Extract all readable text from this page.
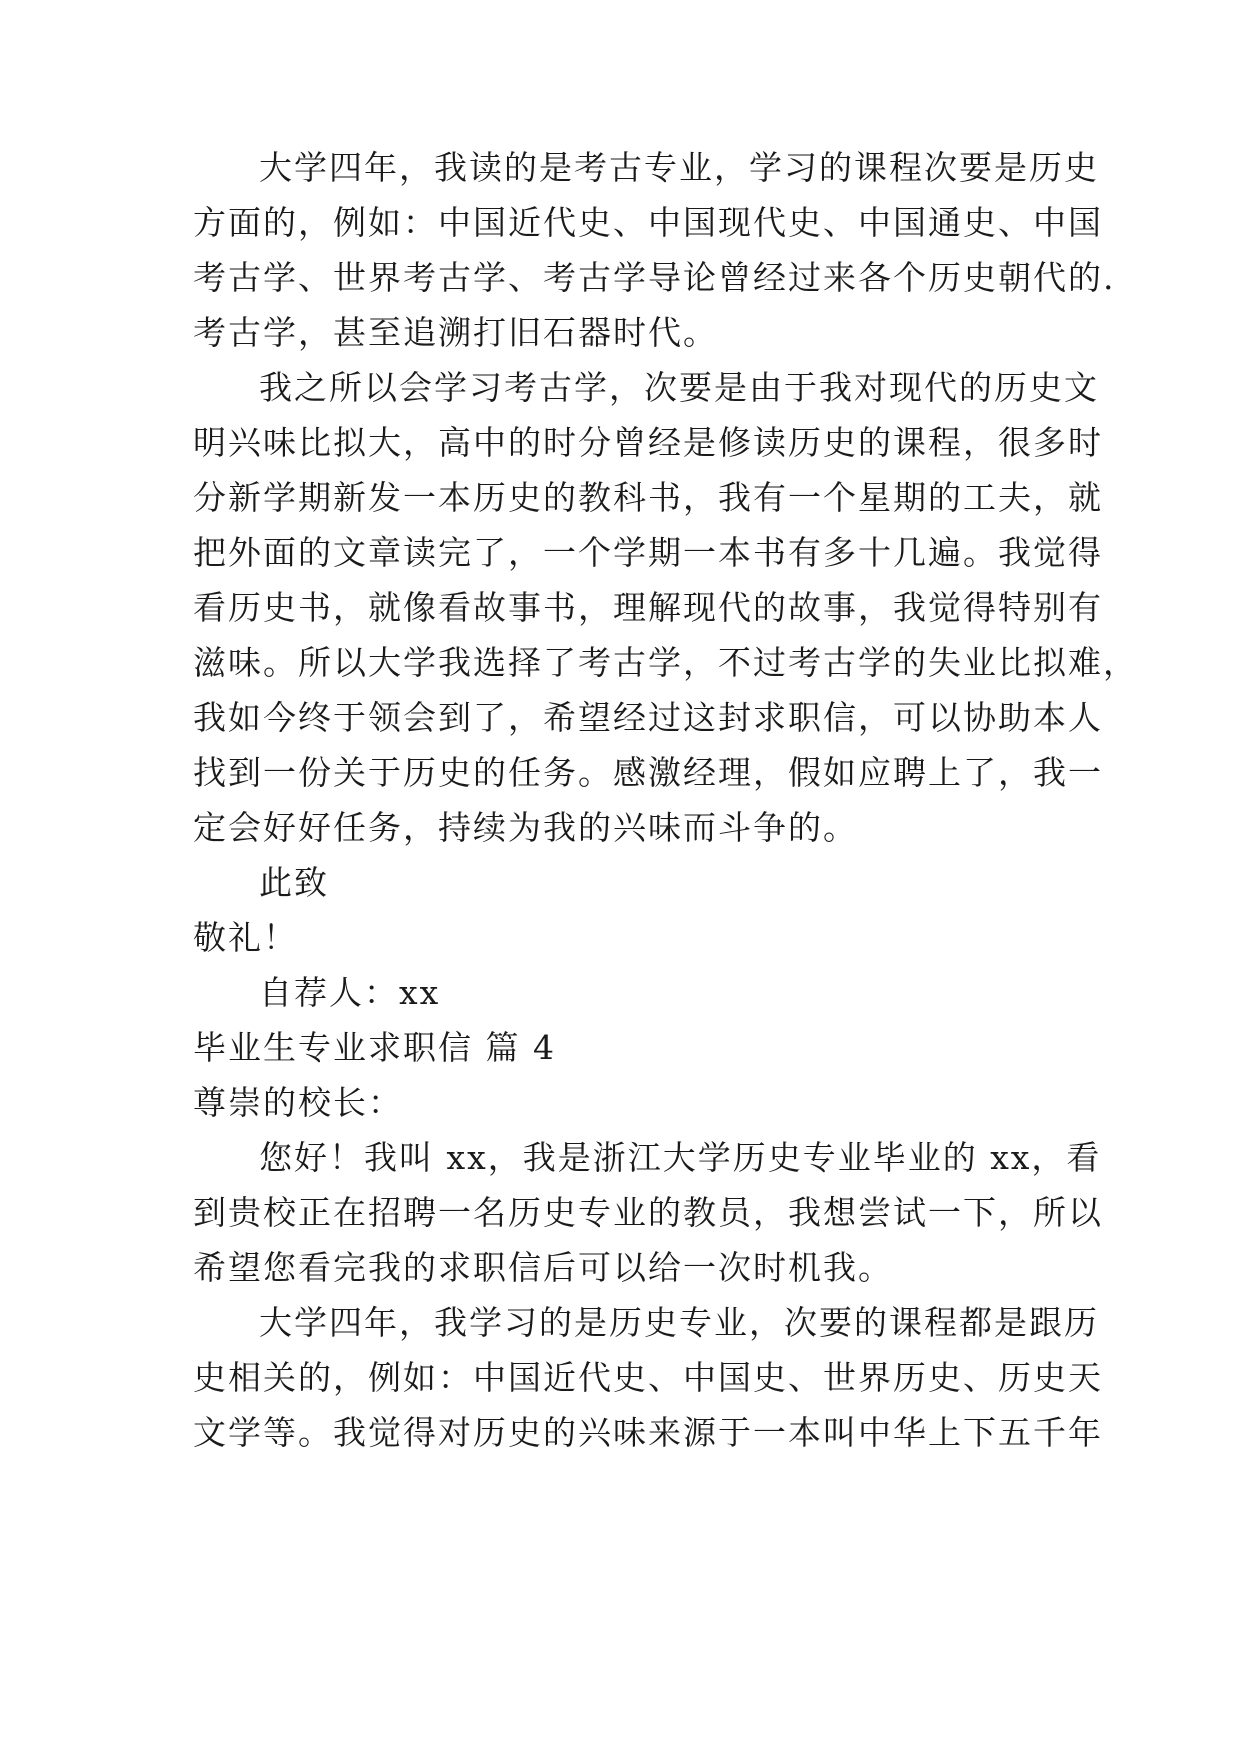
大学四年，我读的是考古专业，学习的课程次要是历史
方面的，例如：中国近代史、中国现代史、中国通史、中国
考古学、世界考古学、考古学导论曾经过来各个历史朝代的.
考古学，甚至追溯打旧石器时代。
我之所以会学习考古学，次要是由于我对现代的历史文
明兴味比拟大，高中的时分曾经是修读历史的课程，很多时
分新学期新发一本历史的教科书，我有一个星期的工夫，就
把外面的文章读完了，一个学期一本书有多十几遍。我觉得
看历史书，就像看故事书，理解现代的故事，我觉得特别有
滋味。所以大学我选择了考古学，不过考古学的失业比拟难，
我如今终于领会到了，希望经过这封求职信，可以协助本人
找到一份关于历史的任务。感激经理，假如应聘上了，我一
定会好好任务，持续为我的兴味而斗争的。
此致
敬礼！
自荐人：xx
毕业生专业求职信 篇 4
尊崇的校长：
您好！我叫 xx，我是浙江大学历史专业毕业的 xx，看
到贵校正在招聘一名历史专业的教员，我想尝试一下，所以
希望您看完我的求职信后可以给一次时机我。
大学四年，我学习的是历史专业，次要的课程都是跟历
史相关的，例如：中国近代史、中国史、世界历史、历史天
文学等。我觉得对历史的兴味来源于一本叫中华上下五千年
